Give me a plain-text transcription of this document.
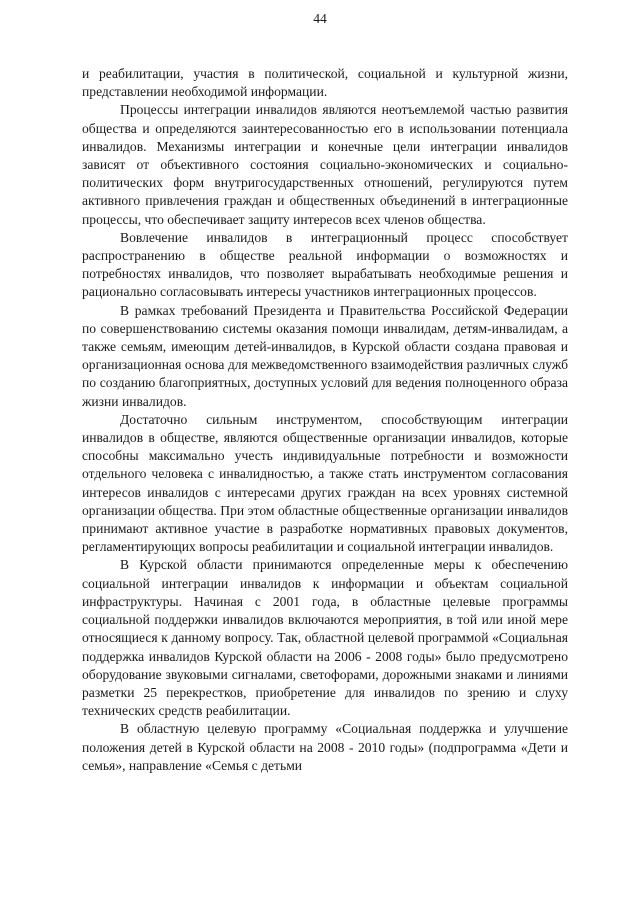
44

и реабилитации, участия в политической, социальной и культурной жизни, представлении необходимой информации.

Процессы интеграции инвалидов являются неотъемлемой частью развития общества и определяются заинтересованностью его в использовании потенциала инвалидов. Механизмы интеграции и конечные цели интеграции инвалидов зависят от объективного состояния социально-экономических и социально-политических форм внутригосударственных отношений, регулируются путем активного привлечения граждан и общественных объединений в интеграционные процессы, что обеспечивает защиту интересов всех членов общества.

Вовлечение инвалидов в интеграционный процесс способствует распространению в обществе реальной информации о возможностях и потребностях инвалидов, что позволяет вырабатывать необходимые решения и рационально согласовывать интересы участников интеграционных процессов.

В рамках требований Президента и Правительства Российской Федерации по совершенствованию системы оказания помощи инвалидам, детям-инвалидам, а также семьям, имеющим детей-инвалидов, в Курской области создана правовая и организационная основа для межведомственного взаимодействия различных служб по созданию благоприятных, доступных условий для ведения полноценного образа жизни инвалидов.

Достаточно сильным инструментом, способствующим интеграции инвалидов в обществе, являются общественные организации инвалидов, которые способны максимально учесть индивидуальные потребности и возможности отдельного человека с инвалидностью, а также стать инструментом согласования интересов инвалидов с интересами других граждан на всех уровнях системной организации общества. При этом областные общественные организации инвалидов принимают активное участие в разработке нормативных правовых документов, регламентирующих вопросы реабилитации и социальной интеграции инвалидов.

В Курской области принимаются определенные меры к обеспечению социальной интеграции инвалидов к информации и объектам социальной инфраструктуры. Начиная с 2001 года, в областные целевые программы социальной поддержки инвалидов включаются мероприятия, в той или иной мере относящиеся к данному вопросу. Так, областной целевой программой «Социальная поддержка инвалидов Курской области на 2006 - 2008 годы» было предусмотрено оборудование звуковыми сигналами, светофорами, дорожными знаками и линиями разметки 25 перекрестков, приобретение для инвалидов по зрению и слуху технических средств реабилитации.

В областную целевую программу «Социальная поддержка и улучшение положения детей в Курской области на 2008 - 2010 годы» (подпрограмма «Дети и семья», направление «Семья с детьми
